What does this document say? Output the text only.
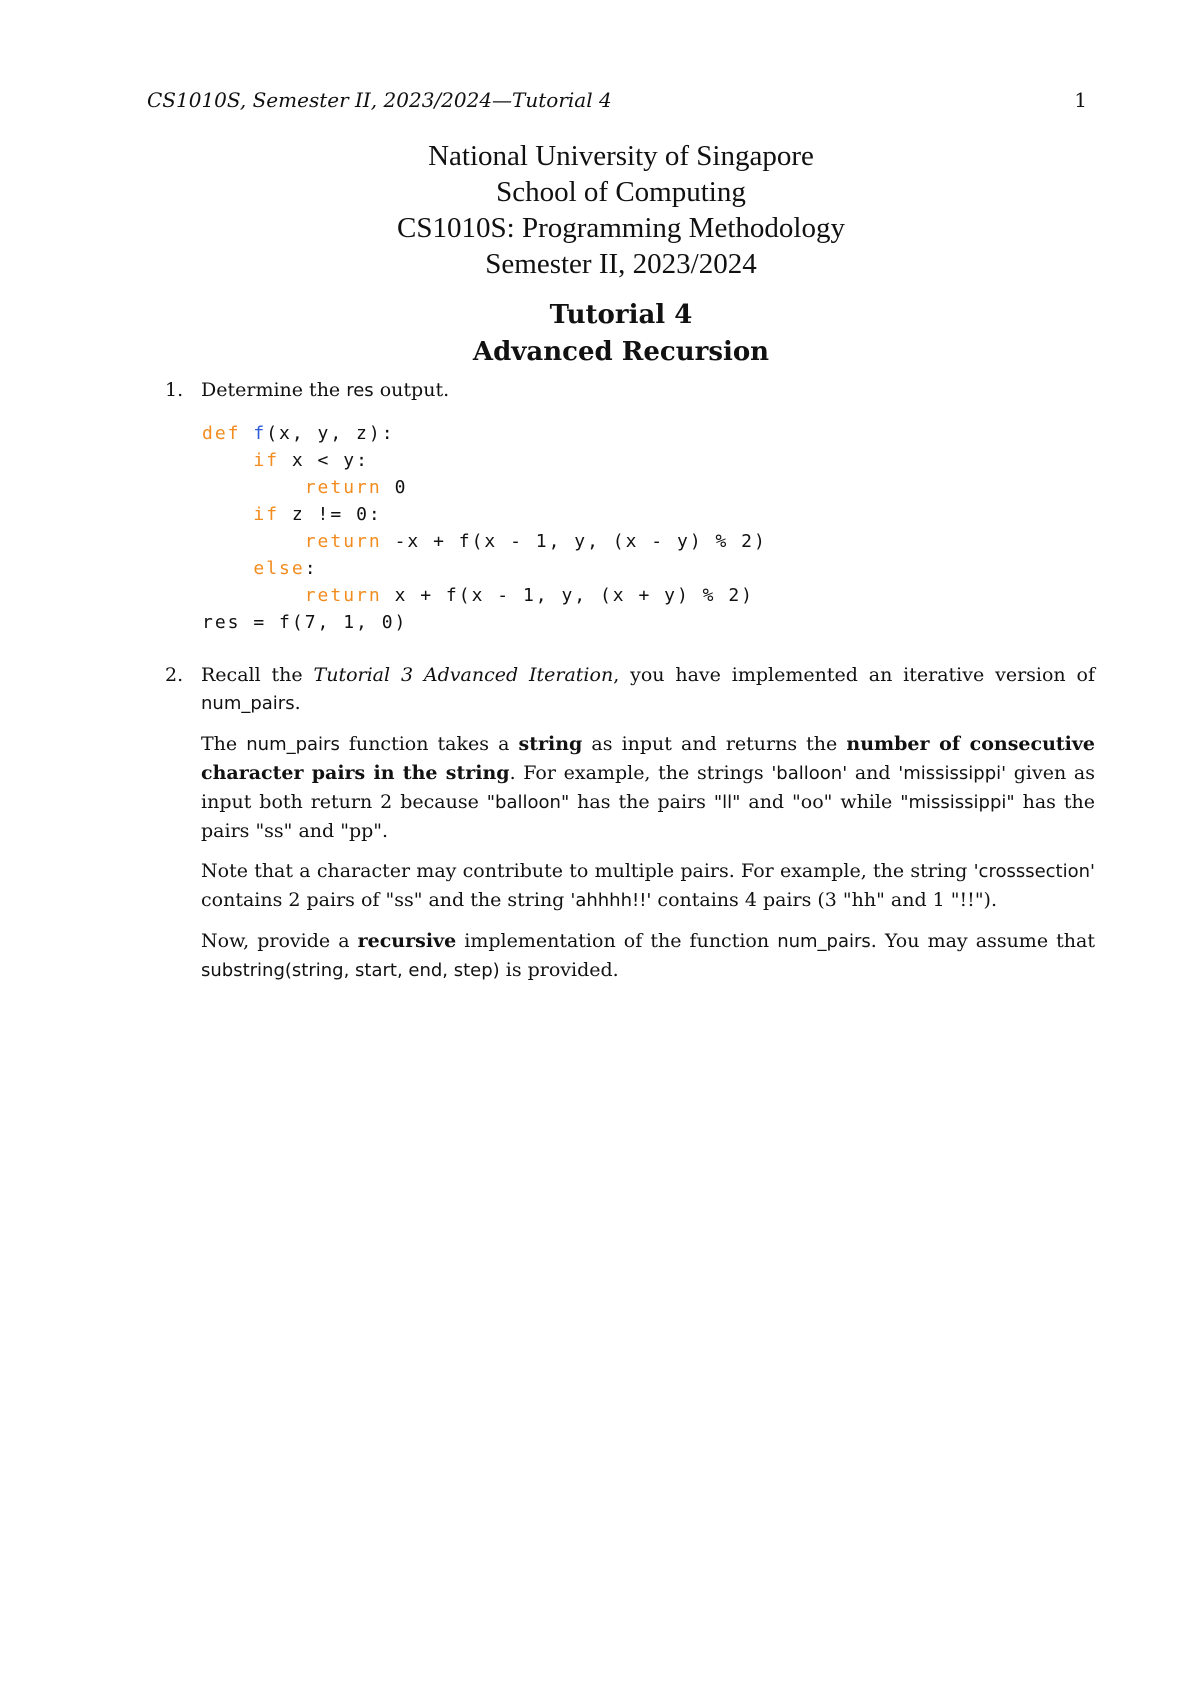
CS1010S, Semester II, 2023/2024—Tutorial 4	1
National University of Singapore
School of Computing
CS1010S: Programming Methodology
Semester II, 2023/2024
Tutorial 4
Advanced Recursion
1. Determine the res output.
def f(x, y, z):
if x < y:
return 0
if z != 0:
return -x + f(x - 1, y, (x - y) % 2)
else:
return x + f(x - 1, y, (x + y) % 2)
res = f(7, 1, 0)
2. Recall the Tutorial 3 Advanced Iteration, you have implemented an iterative version of num_pairs.

The num_pairs function takes a string as input and returns the number of consecutive character pairs in the string. For example, the strings 'balloon' and 'mississippi' given as input both return 2 because "balloon" has the pairs "ll" and "oo" while "mississippi" has the pairs "ss" and "pp".

Note that a character may contribute to multiple pairs. For example, the string 'crosssection' contains 2 pairs of "ss" and the string 'ahhhh!!' contains 4 pairs (3 "hh" and 1 "!!").

Now, provide a recursive implementation of the function num_pairs. You may assume that substring(string, start, end, step) is provided.
